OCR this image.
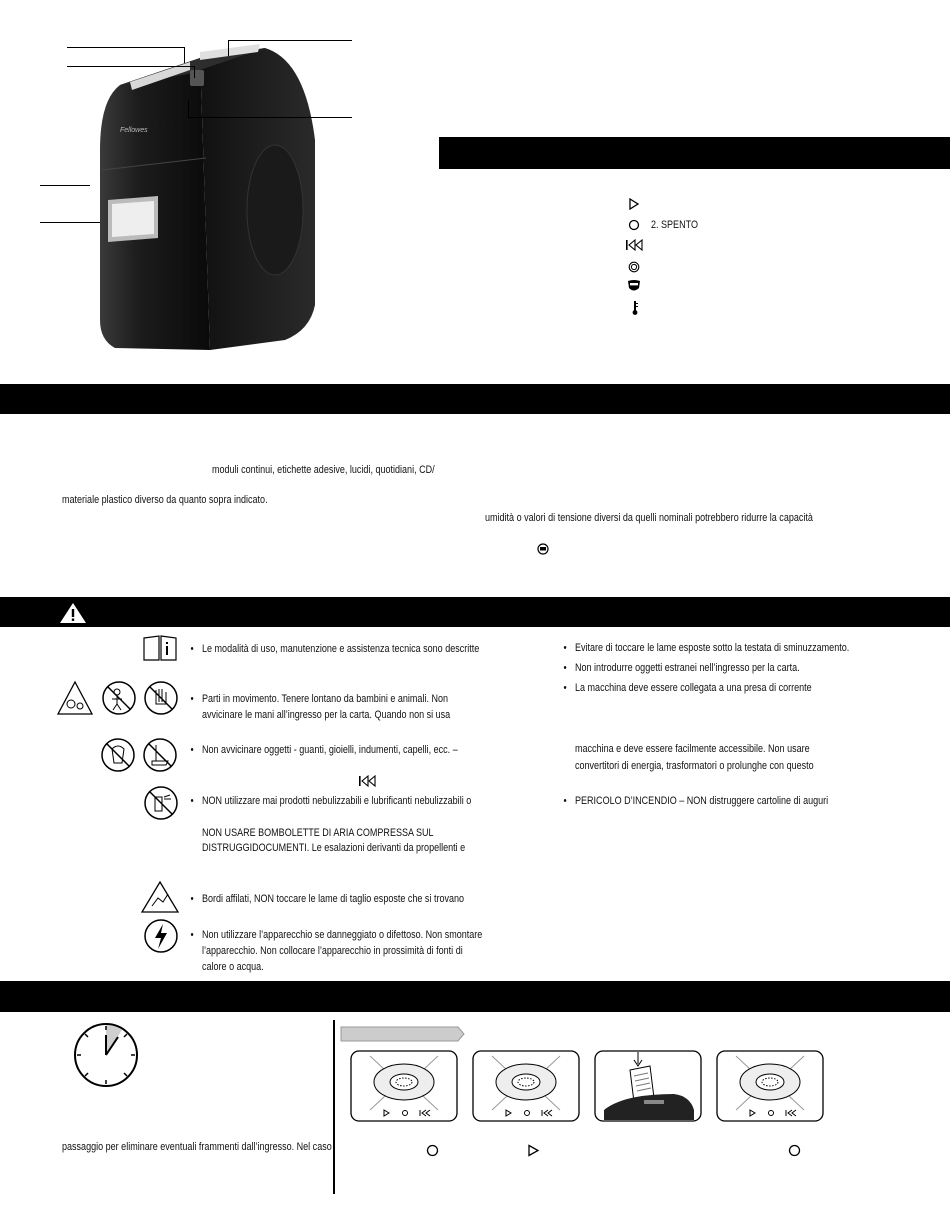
Fellowes
2. SPENTO
moduli continui, etichette adesive, lucidi, quotidiani, CD/
materiale plastico diverso da quanto sopra indicato.
umidità o valori di tensione diversi da quelli nominali potrebbero ridurre la capacità
• Le modalità di uso, manutenzione e assistenza tecnica sono descritte
• Parti in movimento. Tenere lontano da bambini e animali. Non
avvicinare le mani all’ingresso per la carta. Quando non si usa
• Non avvicinare oggetti - guanti, gioielli, indumenti, capelli, ecc. –
• NON utilizzare mai prodotti nebulizzabili e lubrificanti nebulizzabili o
NON USARE BOMBOLETTE DI ARIA COMPRESSA SUL
DISTRUGGIDOCUMENTI. Le esalazioni derivanti da propellenti e
• Bordi affilati, NON toccare le lame di taglio esposte che si trovano
• Non utilizzare l’apparecchio se danneggiato o difettoso. Non smontare
l’apparecchio. Non collocare l’apparecchio in prossimità di fonti di
calore o acqua.
• Evitare di toccare le lame esposte sotto la testata di sminuzzamento.
• Non introdurre oggetti estranei nell’ingresso per la carta.
• La macchina deve essere collegata a una presa di corrente
macchina e deve essere facilmente accessibile. Non usare
convertitori di energia, trasformatori o prolunghe con questo
• PERICOLO D’INCENDIO – NON distruggere cartoline di auguri
passaggio per eliminare eventuali frammenti dall’ingresso. Nel caso
